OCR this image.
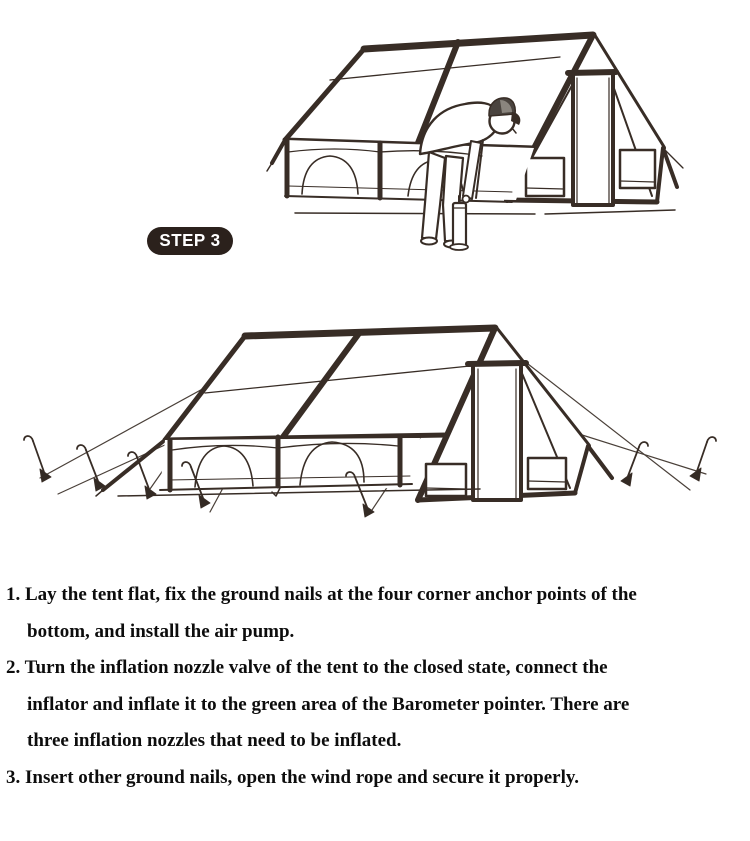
STEP 3
1. Lay the tent flat, fix the ground nails at the four corner anchor points of the
bottom, and install the air pump.
2. Turn the inflation nozzle valve of the tent to the closed state, connect the
inflator and inflate it to the green area of the Barometer pointer. There are
three inflation nozzles that need to be inflated.
3. Insert other ground nails, open the wind rope and secure it properly.
